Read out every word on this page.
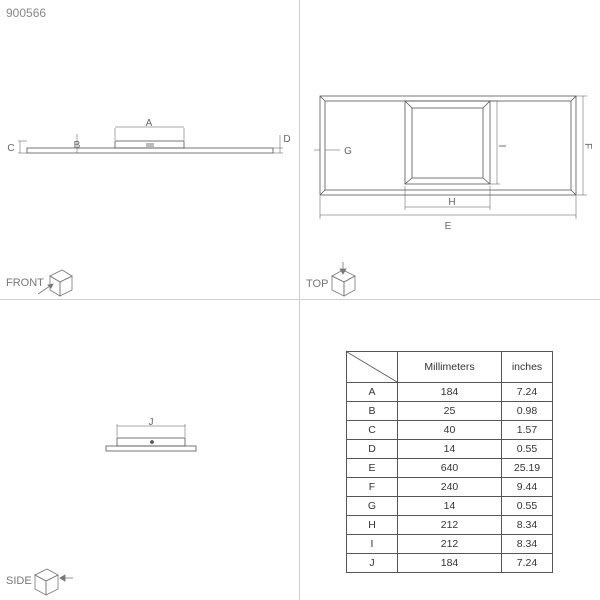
900566
A
B
C
D
FRONT
E
F
G
H
I
TOP
J
SIDE
	Millimeters	inches
A	184	7.24
B	25	0.98
C	40	1.57
D	14	0.55
E	640	25.19
F	240	9.44
G	14	0.55
H	212	8.34
I	212	8.34
J	184	7.24
